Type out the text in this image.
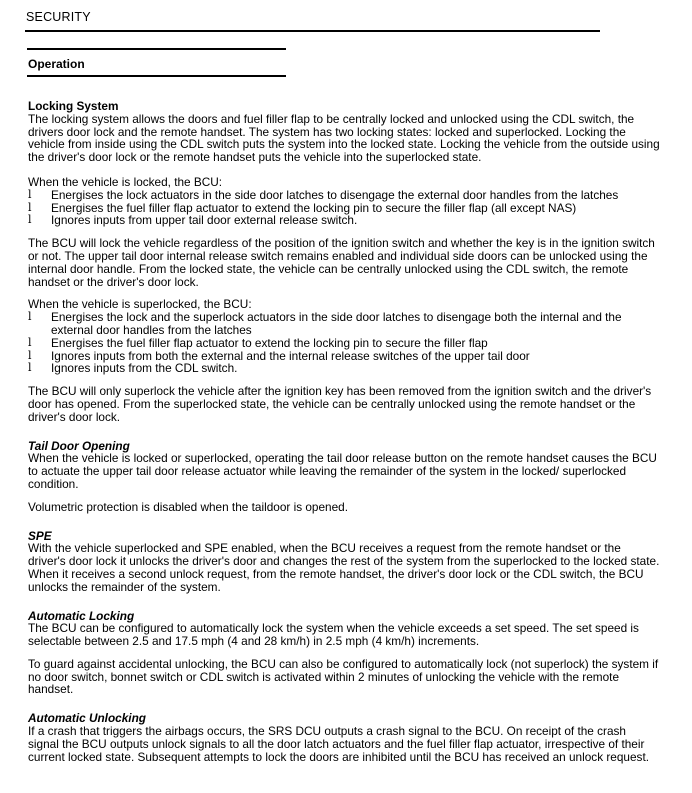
SECURITY
Operation
Locking System

The locking system allows the doors and fuel filler flap to be centrally locked and unlocked using the CDL switch, the drivers door lock and the remote handset. The system has two locking states: locked and superlocked. Locking the vehicle from inside using the CDL switch puts the system into the locked state. Locking the vehicle from the outside using the driver's door lock or the remote handset puts the vehicle into the superlocked state.

When the vehicle is locked, the BCU:

l Energises the lock actuators in the side door latches to disengage the external door handles from the latches
l Energises the fuel filler flap actuator to extend the locking pin to secure the filler flap (all except NAS)
l Ignores inputs from upper tail door external release switch.

The BCU will lock the vehicle regardless of the position of the ignition switch and whether the key is in the ignition switch or not. The upper tail door internal release switch remains enabled and individual side doors can be unlocked using the internal door handle. From the locked state, the vehicle can be centrally unlocked using the CDL switch, the remote handset or the driver's door lock.

When the vehicle is superlocked, the BCU:

l Energises the lock and the superlock actuators in the side door latches to disengage both the internal and the external door handles from the latches
l Energises the fuel filler flap actuator to extend the locking pin to secure the filler flap
l Ignores inputs from both the external and the internal release switches of the upper tail door
l Ignores inputs from the CDL switch.

The BCU will only superlock the vehicle after the ignition key has been removed from the ignition switch and the driver's door has opened. From the superlocked state, the vehicle can be centrally unlocked using the remote handset or the driver's door lock.

Tail Door Opening

When the vehicle is locked or superlocked, operating the tail door release button on the remote handset causes the BCU to actuate the upper tail door release actuator while leaving the remainder of the system in the locked/ superlocked condition.

Volumetric protection is disabled when the taildoor is opened.

SPE

With the vehicle superlocked and SPE enabled, when the BCU receives a request from the remote handset or the driver's door lock it unlocks the driver's door and changes the rest of the system from the superlocked to the locked state. When it receives a second unlock request, from the remote handset, the driver's door lock or the CDL switch, the BCU unlocks the remainder of the system.

Automatic Locking

The BCU can be configured to automatically lock the system when the vehicle exceeds a set speed. The set speed is selectable between 2.5 and 17.5 mph (4 and 28 km/h) in 2.5 mph (4 km/h) increments.

To guard against accidental unlocking, the BCU can also be configured to automatically lock (not superlock) the system if no door switch, bonnet switch or CDL switch is activated within 2 minutes of unlocking the vehicle with the remote handset.

Automatic Unlocking

If a crash that triggers the airbags occurs, the SRS DCU outputs a crash signal to the BCU. On receipt of the crash signal the BCU outputs unlock signals to all the door latch actuators and the fuel filler flap actuator, irrespective of their current locked state. Subsequent attempts to lock the doors are inhibited until the BCU has received an unlock request.
